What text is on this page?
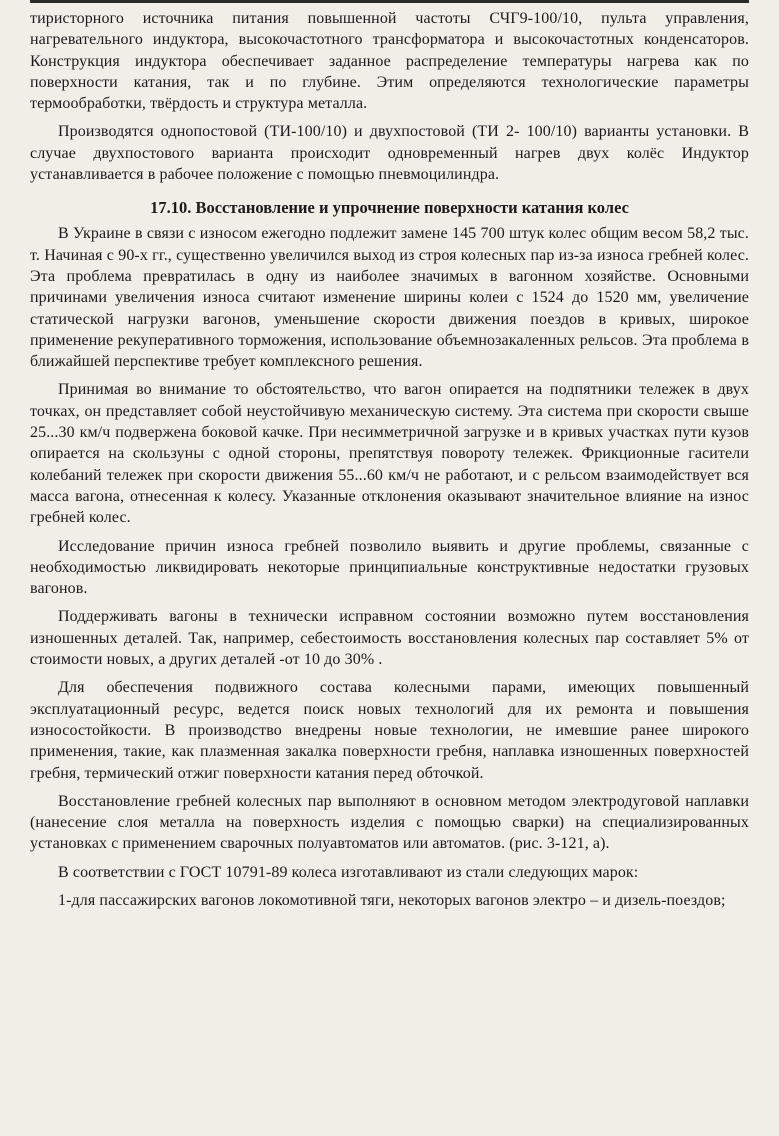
тиристорного источника питания повышенной частоты СЧГ9-100/10, пульта управления, нагревательного индуктора, высокочастотного трансформатора и высокочастотных конденсаторов. Конструкция индуктора обеспечивает заданное распределение температуры нагрева как по поверхности катания, так и по глубине. Этим определяются технологические параметры термообработки, твёрдость и структура металла.

Производятся однопостовой (ТИ-100/10) и двухпостовой (ТИ 2- 100/10) варианты установки. В случае двухпостового варианта происходит одновременный нагрев двух колёс Индуктор устанавливается в рабочее положение с помощью пневмоцилиндра.

17.10. Восстановление и упрочнение поверхности катания колес

В Украине в связи с износом ежегодно подлежит замене 145 700 штук колес общим весом 58,2 тыс. т. Начиная с 90-х гг., существенно увеличился выход из строя колесных пар из-за износа гребней колес. Эта проблема превратилась в одну из наиболее значимых в вагонном хозяйстве. Основными причинами увеличения износа считают изменение ширины колеи с 1524 до 1520 мм, увеличение статической нагрузки вагонов, уменьшение скорости движения поездов в кривых, широкое применение рекуперативного торможения, использование объемнозакаленных рельсов. Эта проблема в ближайшей перспективе требует комплексного решения.

Принимая во внимание то обстоятельство, что вагон опирается на подпятники тележек в двух точках, он представляет собой неустойчивую механическую систему. Эта система при скорости свыше 25...30 км/ч подвержена боковой качке. При несимметричной загрузке и в кривых участках пути кузов опирается на скользуны с одной стороны, препятствуя повороту тележек. Фрикционные гасители колебаний тележек при скорости движения 55...60 км/ч не работают, и с рельсом взаимодействует вся масса вагона, отнесенная к колесу. Указанные отклонения оказывают значительное влияние на износ гребней колес.

Исследование причин износа гребней позволило выявить и другие проблемы, связанные с необходимостью ликвидировать некоторые принципиальные конструктивные недостатки грузовых вагонов.

Поддерживать вагоны в технически исправном состоянии возможно путем восстановления изношенных деталей. Так, например, себестоимость восстановления колесных пар составляет 5% от стоимости новых, а других деталей -от 10 до 30% .

Для обеспечения подвижного состава колесными парами, имеющих повышенный эксплуатационный ресурс, ведется поиск новых технологий для их ремонта и повышения износостойкости. В производство внедрены новые технологии, не имевшие ранее широкого применения, такие, как плазменная закалка поверхности гребня, наплавка изношенных поверхностей гребня, термический отжиг поверхности катания перед обточкой.

Восстановление гребней колесных пар выполняют в основном методом электродуговой наплавки (нанесение слоя металла на поверхность изделия с помощью сварки) на специализированных установках с применением сварочных полуавтоматов или автоматов. (рис. 3-121, а).

В соответствии с ГОСТ 10791-89 колеса изготавливают из стали следующих марок:

1-для пассажирских вагонов локомотивной тяги, некоторых вагонов электро – и дизель-поездов;
